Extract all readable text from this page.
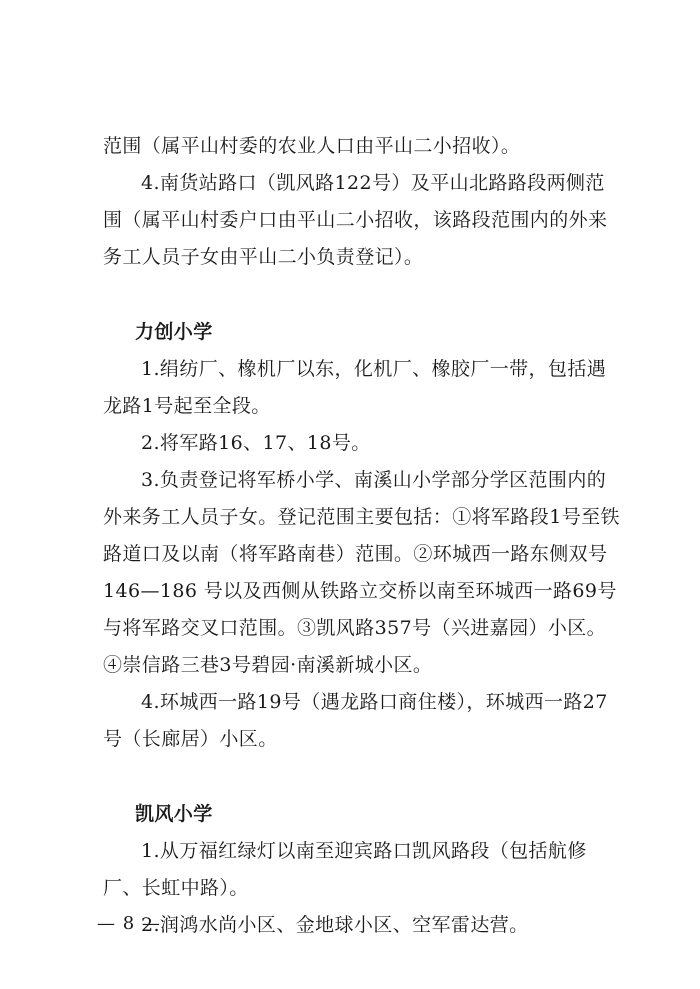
范围（属平山村委的农业人口由平山二小招收）。

4.南货站路口（凯风路122号）及平山北路路段两侧范围（属平山村委户口由平山二小招收，该路段范围内的外来务工人员子女由平山二小负责登记）。

力创小学

1.绢纺厂、橡机厂以东，化机厂、橡胶厂一带，包括遇龙路1号起至全段。

2.将军路16、17、18号。

3.负责登记将军桥小学、南溪山小学部分学区范围内的外来务工人员子女。登记范围主要包括：①将军路段1号至铁路道口及以南（将军路南巷）范围。②环城西一路东侧双号146—186 号以及西侧从铁路立交桥以南至环城西一路69号与将军路交叉口范围。③凯风路357号（兴进嘉园）小区。④崇信路三巷3号碧园·南溪新城小区。

4.环城西一路19号（遇龙路口商住楼），环城西一路27号（长廊居）小区。

凯风小学

1.从万福红绿灯以南至迎宾路口凯风路段（包括航修厂、长虹中路）。

2.润鸿水尚小区、金地球小区、空军雷达营。

— 8 —
